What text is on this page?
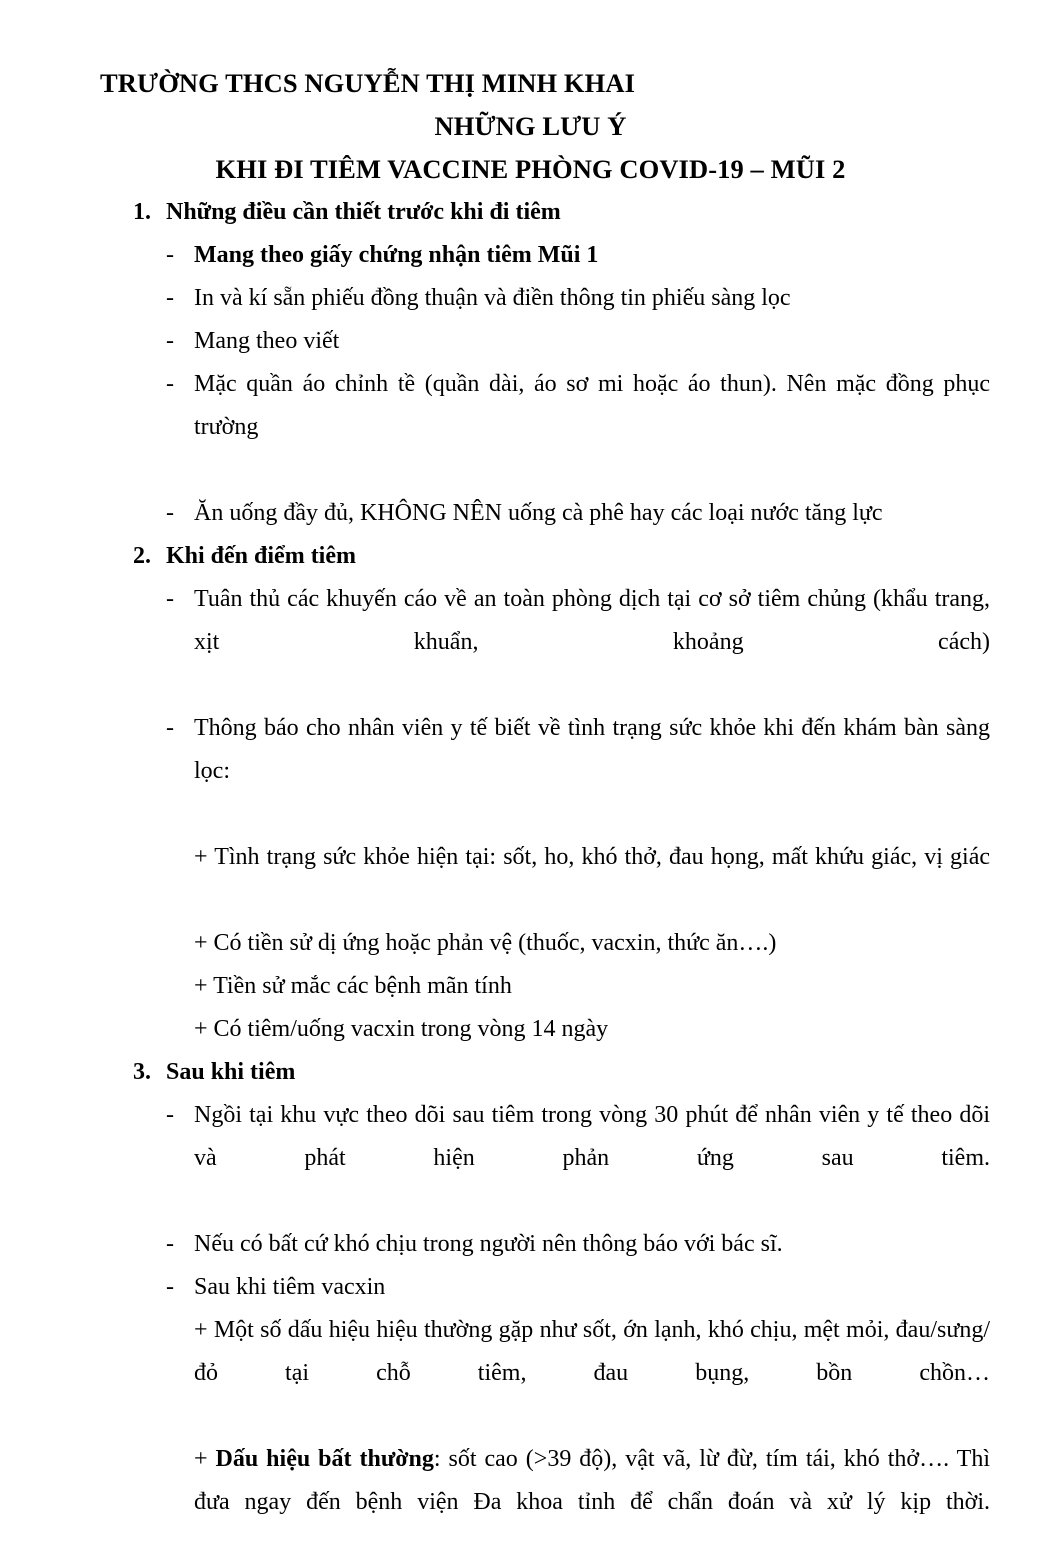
TRƯỜNG THCS NGUYỄN THỊ MINH KHAI
NHỮNG LƯU Ý
KHI ĐI TIÊM VACCINE PHÒNG COVID-19 – MŨI 2
1. Những điều cần thiết trước khi đi tiêm
- Mang theo giấy chứng nhận tiêm Mũi 1
- In và kí sẵn phiếu đồng thuận và điền thông tin phiếu sàng lọc
- Mang theo viết
- Mặc quần áo chỉnh tề (quần dài, áo sơ mi hoặc áo thun). Nên mặc đồng phục trường
- Ăn uống đầy đủ, KHÔNG NÊN uống cà phê hay các loại nước tăng lực
2. Khi đến điểm tiêm
- Tuân thủ các khuyến cáo về an toàn phòng dịch tại cơ sở tiêm chủng (khẩu trang, xịt khuẩn, khoảng cách)
- Thông báo cho nhân viên y tế biết về tình trạng sức khỏe khi đến khám bàn sàng lọc:
+ Tình trạng sức khỏe hiện tại: sốt, ho, khó thở, đau họng, mất khứu giác, vị giác
+ Có tiền sử dị ứng hoặc phản vệ (thuốc, vacxin, thức ăn….)
+ Tiền sử mắc các bệnh mãn tính
+ Có tiêm/uống vacxin trong vòng 14 ngày
3. Sau khi tiêm
- Ngồi tại khu vực theo dõi sau tiêm trong vòng 30 phút để nhân viên y tế theo dõi và phát hiện phản ứng sau tiêm.
- Nếu có bất cứ khó chịu trong người nên thông báo với bác sĩ.
- Sau khi tiêm vacxin
+ Một số dấu hiệu hiệu thường gặp như sốt, ớn lạnh, khó chịu, mệt mỏi, đau/sưng/đỏ tại chỗ tiêm, đau bụng, bồn chồn…
+ Dấu hiệu bất thường: sốt cao (>39 độ), vật vã, lừ đừ, tím tái, khó thở…. Thì đưa ngay đến bệnh viện Đa khoa tỉnh để chẩn đoán và xử lý kịp thời.
